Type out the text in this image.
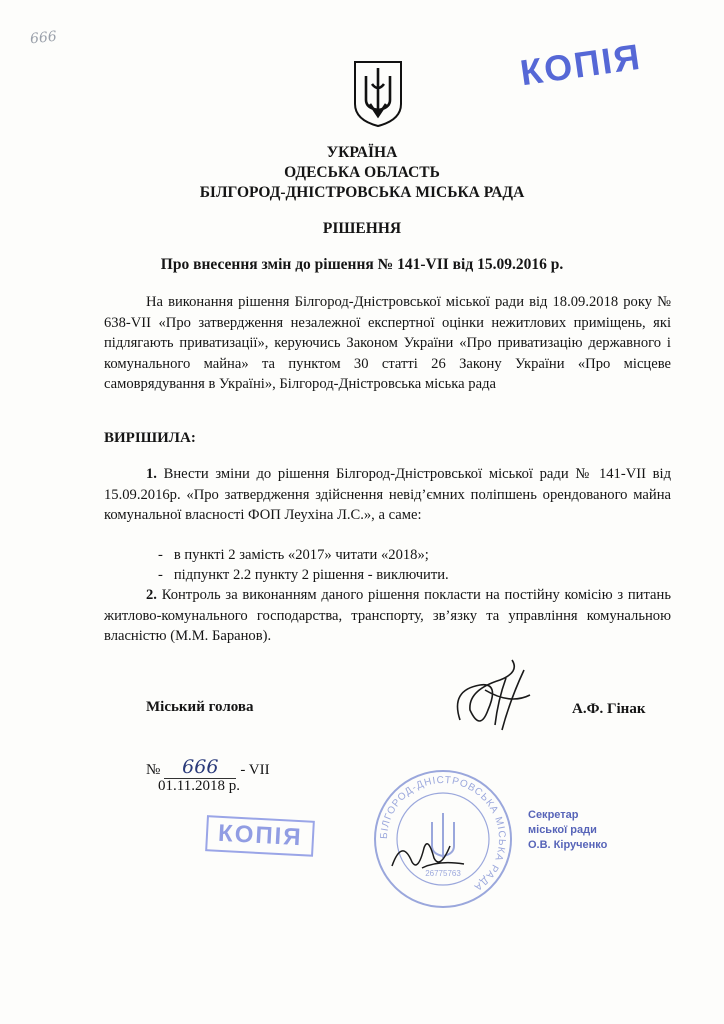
666	КОПІЯ
УКРАЇНА
ОДЕСЬКА ОБЛАСТЬ
БІЛГОРОД-ДНІСТРОВСЬКА МІСЬКА РАДА
РІШЕННЯ
Про внесення змін до рішення № 141-VII від 15.09.2016 р.

На виконання рішення Білгород-Дністровської міської ради від 18.09.2018 року № 638-VII «Про затвердження незалежної експертної оцінки нежитлових приміщень, які підлягають приватизації», керуючись Законом України «Про приватизацію державного і комунального майна» та пунктом 30 статті 26 Закону України «Про місцеве самоврядування в Україні», Білгород-Дністровська міська рада

ВИРІШИЛА:

1. Внести зміни до рішення Білгород-Дністровської міської ради № 141-VII від 15.09.2016р. «Про затвердження здійснення невід’ємних поліпшень орендованого майна комунальної власності ФОП Леухіна Л.С.», а саме:

- в пункті 2 замість «2017» читати «2018»;
- підпункт 2.2 пункту 2 рішення - виключити.

2. Контроль за виконанням даного рішення покласти на постійну комісію з питань житлово-комунального господарства, транспорту, зв’язку та управління комунальною власністю (М.М. Баранов).

Міський голова	А.Ф. Гінак
№	666	- VII
01.11.2018 р.
КОПІЯ	БІЛГОРОД-ДНІСТРОВСЬКА МІСЬКА РАДА
26775763
Секретар
міської ради
О.В. Кірученко
